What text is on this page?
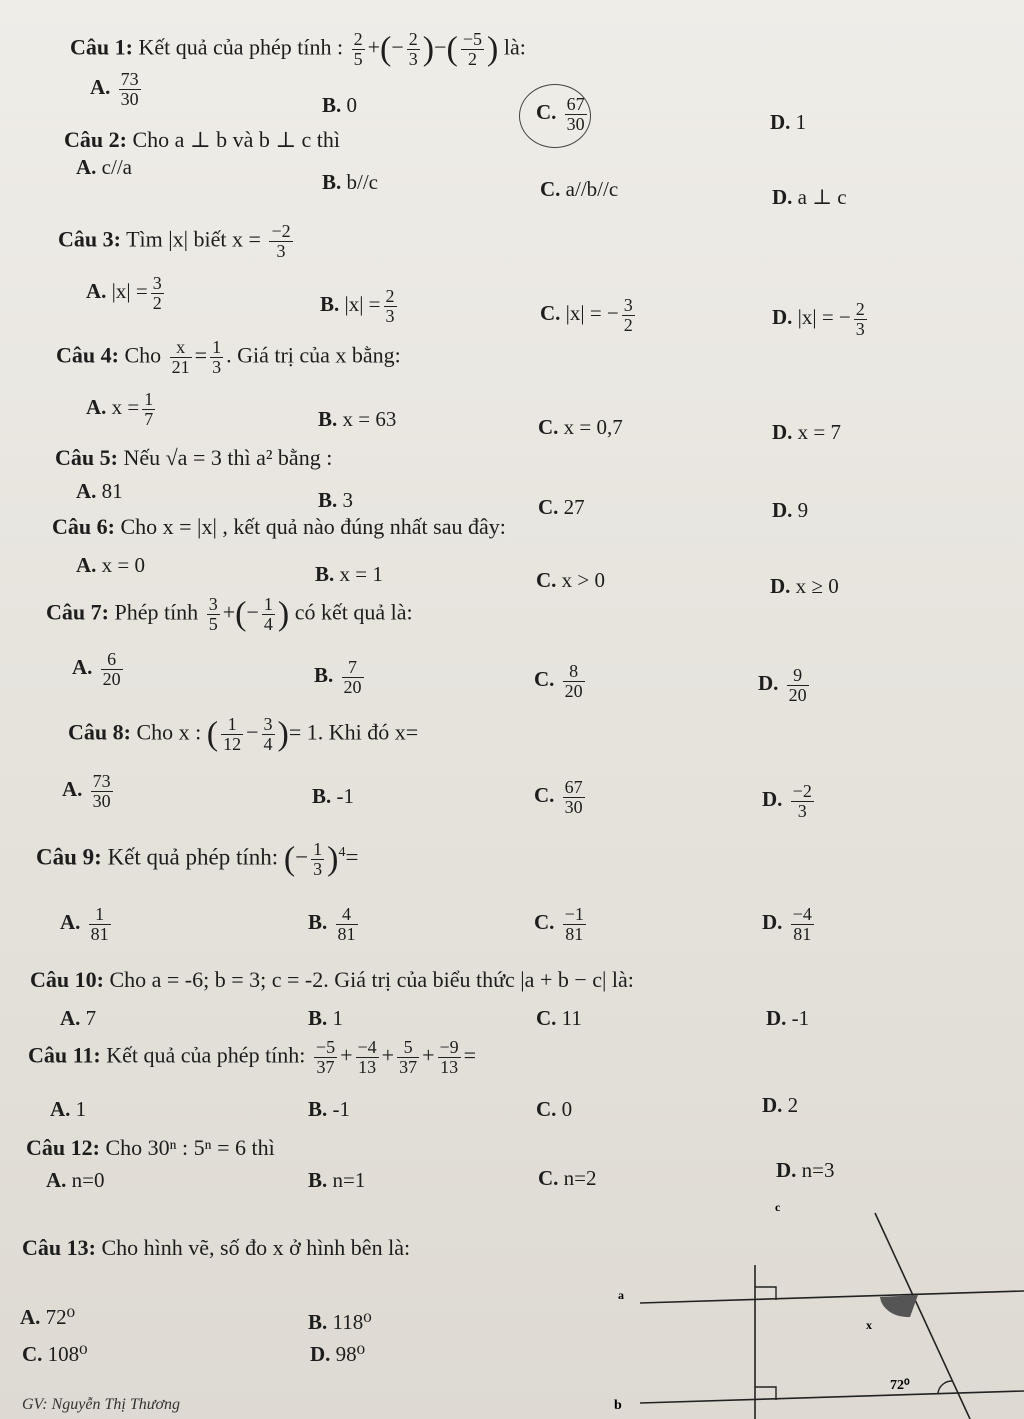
Câu 1: Kết quả của phép tính : $\frac{2}{5}$ +(− $\frac{2}{3}$ )−( $\frac{-5}{2}$ ) là:
A. $\frac{73}{30}$	B. 0	C. $\frac{67}{30}$	D. 1
Câu 2: Cho a ⊥ b và b ⊥ c thì
A. c//a
B. b//c	C. a//b//c	D. a ⊥ c
Câu 3: Tìm |x| biết $x = \frac{-2}{3}$
A. $|x| = \frac{3}{2}$	B. $|x| = \frac{2}{3}$	C. |x| = − $\frac{3}{2}$	D. |x| = − $\frac{2}{3}$
Câu 4: Cho $\frac{x}{21} = \frac{1}{3}$ . Giá trị của x bằng:
A. $x = \frac{1}{7}$	B. x = 63	C. x = 0,7	D. x = 7
Câu 5: Nếu √a = 3 thì a² bằng :
A. 81	B. 3	C. 27	D. 9
Câu 6: Cho x = |x| , kết quả nào đúng nhất sau đây:
A. x = 0	B. x = 1	C. x > 0	D. x ≥ 0
Câu 7: Phép tính $\frac{3}{5}$ +(− $\frac{1}{4}$ ) có kết quả là:
A. $\frac{6}{20}$	B. $\frac{7}{20}$	C. $\frac{8}{20}$	D. $\frac{9}{20}$
Câu 8: Cho x : ( $\frac{1}{12} - \frac{3}{4}$ )= 1. Khi đó x=
A. $\frac{73}{30}$	B. -1	C. $\frac{67}{30}$	D. $\frac{-2}{3}$
Câu 9: Kết quả phép tính: (− $\frac{1}{3} )^4=$
A. $\frac{1}{81}$	B. $\frac{4}{81}$	C. $\frac{-1}{81}$	D. $\frac{-4}{81}$
Câu 10: Cho a = -6; b = 3; c = -2. Giá trị của biểu thức |a + b − c| là:
A. 7	B. 1	C. 11	D. -1
Câu 11: Kết quả của phép tính: $\frac{-5}{37} + \frac{-4}{13} + \frac{5}{37} + \frac{-9}{13}$ =
A. 1	B. -1	C. 0	D. 2
Câu 12: Cho 30ⁿ : 5ⁿ = 6 thì
A. n=0	B. n=1	C. n=2	D. n=3
Câu 13: Cho hình vẽ, số đo x ở hình bên là:
A. 72⁰	B. 118⁰
C. 108⁰	D. 98⁰
c
a
b
x
72⁰
GV: Nguyễn Thị Thương
